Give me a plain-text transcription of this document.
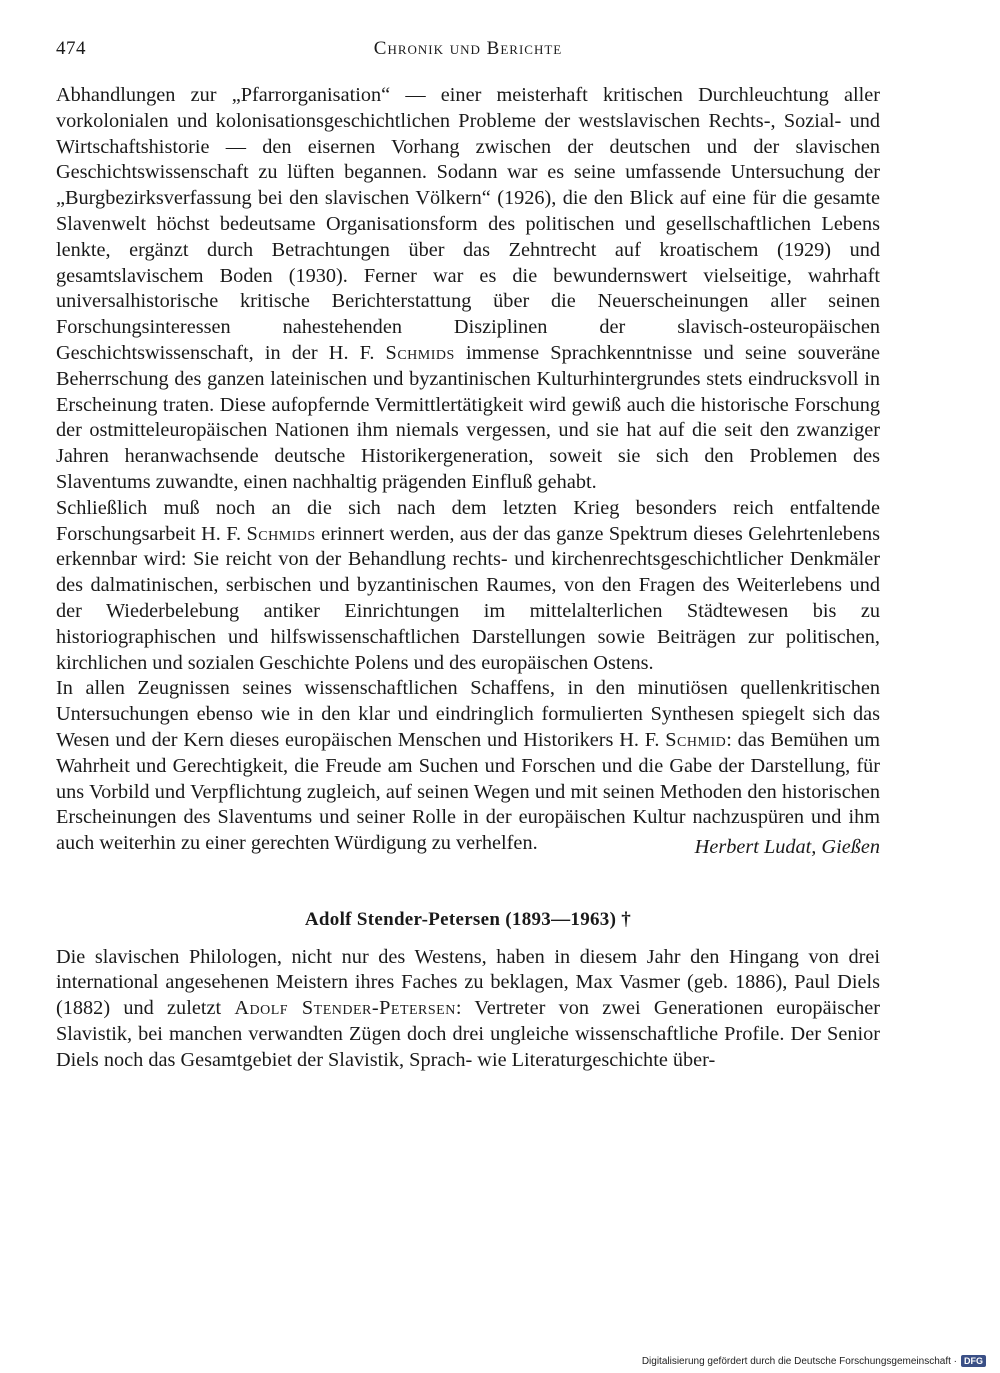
474	Chronik und Berichte

Abhandlungen zur „Pfarrorganisation“ — einer meisterhaft kritischen Durchleuchtung aller vorkolonialen und kolonisationsgeschichtlichen Probleme der westslavischen Rechts-, Sozial- und Wirtschaftshistorie — den eisernen Vorhang zwischen der deutschen und der slavischen Geschichtswissenschaft zu lüften begannen. Sodann war es seine umfassende Untersuchung der „Burgbezirksverfassung bei den slavischen Völkern“ (1926), die den Blick auf eine für die gesamte Slavenwelt höchst bedeutsame Organisationsform des politischen und gesellschaftlichen Lebens lenkte, ergänzt durch Betrachtungen über das Zehntrecht auf kroatischem (1929) und gesamtslavischem Boden (1930). Ferner war es die bewundernswert vielseitige, wahrhaft universalhistorische kritische Berichterstattung über die Neuerscheinungen aller seinen Forschungsinteressen nahestehenden Disziplinen der slavisch-osteuropäischen Geschichtswissenschaft, in der H. F. Schmids immense Sprachkenntnisse und seine souveräne Beherrschung des ganzen lateinischen und byzantinischen Kulturhintergrundes stets eindrucksvoll in Erscheinung traten. Diese aufopfernde Vermittlertätigkeit wird gewiß auch die historische Forschung der ostmitteleuropäischen Nationen ihm niemals vergessen, und sie hat auf die seit den zwanziger Jahren heranwachsende deutsche Historikergeneration, soweit sie sich den Problemen des Slaventums zuwandte, einen nachhaltig prägenden Einfluß gehabt.

Schließlich muß noch an die sich nach dem letzten Krieg besonders reich entfaltende Forschungsarbeit H. F. Schmids erinnert werden, aus der das ganze Spektrum dieses Gelehrtenlebens erkennbar wird: Sie reicht von der Behandlung rechts- und kirchenrechtsgeschichtlicher Denkmäler des dalmatinischen, serbischen und byzantinischen Raumes, von den Fragen des Weiterlebens und der Wiederbelebung antiker Einrichtungen im mittelalterlichen Städtewesen bis zu historiographischen und hilfswissenschaftlichen Darstellungen sowie Beiträgen zur politischen, kirchlichen und sozialen Geschichte Polens und des europäischen Ostens.

In allen Zeugnissen seines wissenschaftlichen Schaffens, in den minutiösen quellenkritischen Untersuchungen ebenso wie in den klar und eindringlich formulierten Synthesen spiegelt sich das Wesen und der Kern dieses europäischen Menschen und Historikers H. F. Schmid: das Bemühen um Wahrheit und Gerechtigkeit, die Freude am Suchen und Forschen und die Gabe der Darstellung, für uns Vorbild und Verpflichtung zugleich, auf seinen Wegen und mit seinen Methoden den historischen Erscheinungen des Slaventums und seiner Rolle in der europäischen Kultur nachzuspüren und ihm auch weiterhin zu einer gerechten Würdigung zu verhelfen.	Herbert Ludat, Gießen
Adolf Stender-Petersen (1893—1963) †

Die slavischen Philologen, nicht nur des Westens, haben in diesem Jahr den Hingang von drei international angesehenen Meistern ihres Faches zu beklagen, Max Vasmer (geb. 1886), Paul Diels (1882) und zuletzt Adolf Stender-Petersen: Vertreter von zwei Generationen europäischer Slavistik, bei manchen verwandten Zügen doch drei ungleiche wissenschaftliche Profile. Der Senior Diels noch das Gesamtgebiet der Slavistik, Sprach- wie Literaturgeschichte über-

Digitalisierung gefördert durch die Deutsche Forschungsgemeinschaft · DFG
